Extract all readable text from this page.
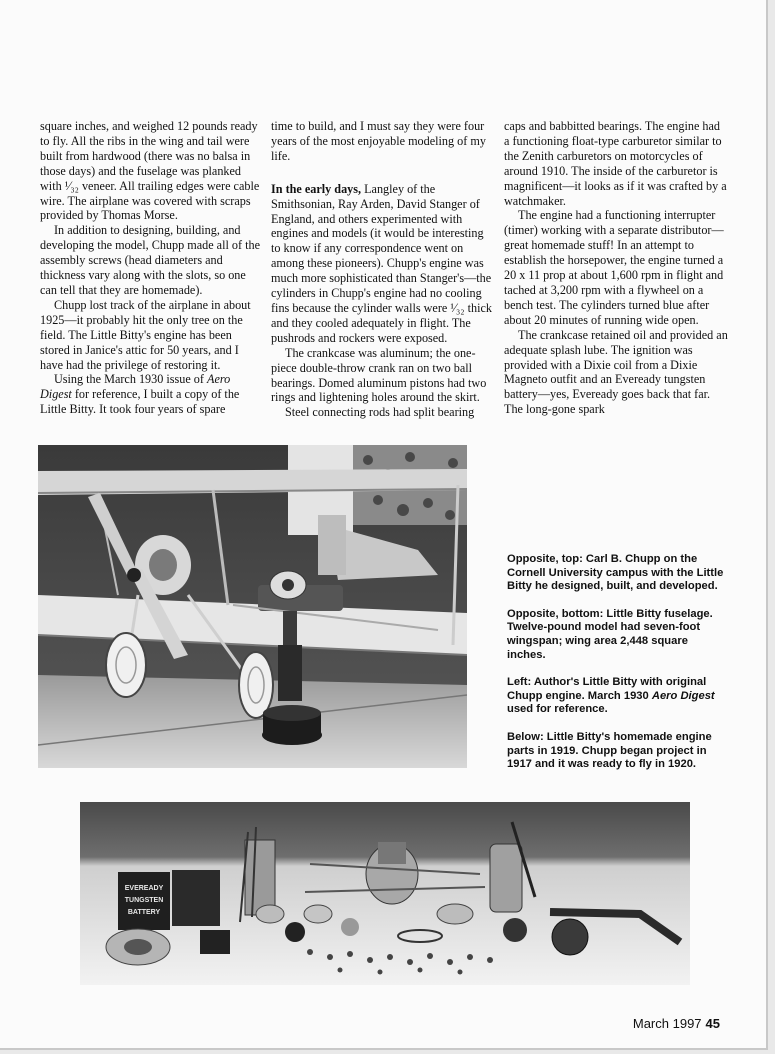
square inches, and weighed 12 pounds ready to fly. All the ribs in the wing and tail were built from hardwood (there was no balsa in those days) and the fuselage was planked with ¹⁄₃₂ veneer. All trailing edges were cable wire. The airplane was covered with scraps provided by Thomas Morse.

In addition to designing, building, and developing the model, Chupp made all of the assembly screws (head diameters and thickness vary along with the slots, so one can tell that they are homemade).

Chupp lost track of the airplane in about 1925—it probably hit the only tree on the field. The Little Bitty's engine has been stored in Janice's attic for 50 years, and I have had the privilege of restoring it.

Using the March 1930 issue of Aero Digest for reference, I built a copy of the Little Bitty. It took four years of spare

time to build, and I must say they were four years of the most enjoyable modeling of my life.

In the early days, Langley of the Smithsonian, Ray Arden, David Stanger of England, and others experimented with engines and models (it would be interesting to know if any correspondence went on among these pioneers). Chupp's engine was much more sophisticated than Stanger's—the cylinders in Chupp's engine had no cooling fins because the cylinder walls were ¹⁄₃₂ thick and they cooled adequately in flight. The pushrods and rockers were exposed.

The crankcase was aluminum; the one-piece double-throw crank ran on two ball bearings. Domed aluminum pistons had two rings and lightening holes around the skirt.

Steel connecting rods had split bearing

caps and babbitted bearings. The engine had a functioning float-type carburetor similar to the Zenith carburetors on motorcycles of around 1910. The inside of the carburetor is magnificent—it looks as if it was crafted by a watchmaker.

The engine had a functioning interrupter (timer) working with a separate distributor—great homemade stuff! In an attempt to establish the horsepower, the engine turned a 20 x 11 prop at about 1,600 rpm in flight and tached at 3,200 rpm with a flywheel on a bench test. The cylinders turned blue after about 20 minutes of running wide open.

The crankcase retained oil and provided an adequate splash lube. The ignition was provided with a Dixie coil from a Dixie Magneto outfit and an Eveready tungsten battery—yes, Eveready goes back that far. The long-gone spark

Opposite, top: Carl B. Chupp on the Cornell University campus with the Little Bitty he designed, built, and developed.

Opposite, bottom: Little Bitty fuselage. Twelve-pound model had seven-foot wingspan; wing area 2,448 square inches.

Left: Author's Little Bitty with original Chupp engine. March 1930 Aero Digest used for reference.

Below: Little Bitty's homemade engine parts in 1919. Chupp began project in 1917 and it was ready to fly in 1920.

EVEREADY
TUNGSTEN
BATTERY
March 1997 45
